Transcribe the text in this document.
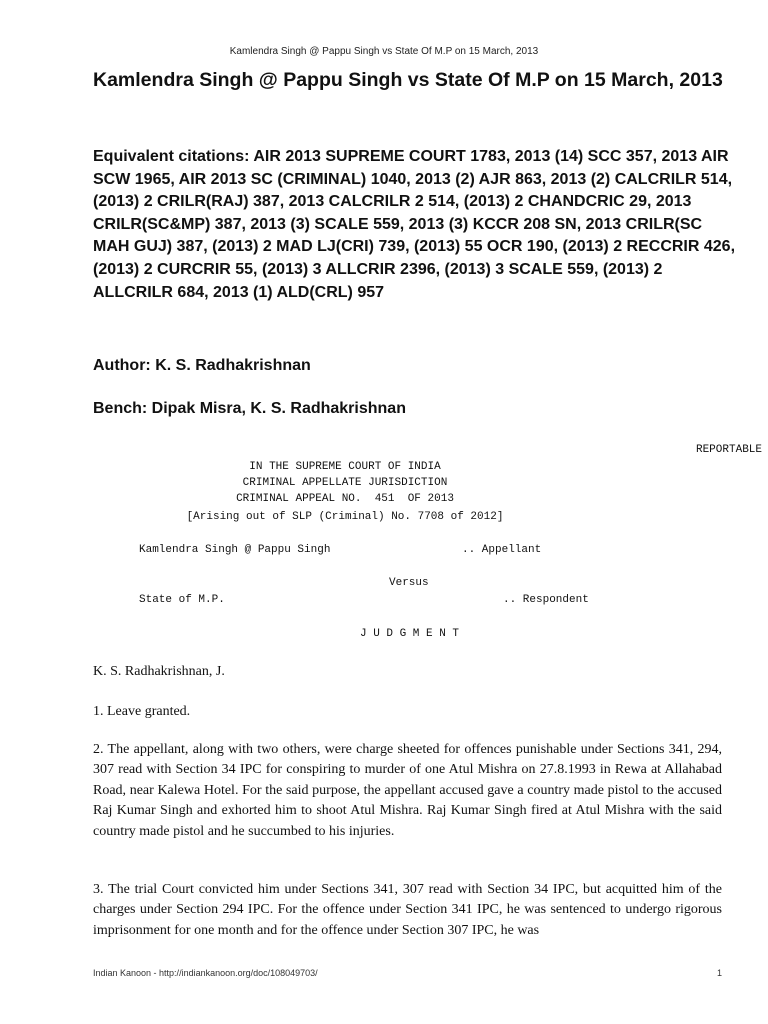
Kamlendra Singh @ Pappu Singh vs State Of M.P on 15 March, 2013
Kamlendra Singh @ Pappu Singh vs State Of M.P on 15 March, 2013

Equivalent citations: AIR 2013 SUPREME COURT 1783, 2013 (14) SCC 357, 2013 AIR SCW 1965, AIR 2013 SC (CRIMINAL) 1040, 2013 (2) AJR 863, 2013 (2) CALCRILR 514, (2013) 2 CRILR(RAJ) 387, 2013 CALCRILR 2 514, (2013) 2 CHANDCRIC 29, 2013 CRILR(SC&MP) 387, 2013 (3) SCALE 559, 2013 (3) KCCR 208 SN, 2013 CRILR(SC MAH GUJ) 387, (2013) 2 MAD LJ(CRI) 739, (2013) 55 OCR 190, (2013) 2 RECCRIR 426, (2013) 2 CURCRIR 55, (2013) 3 ALLCRIR 2396, (2013) 3 SCALE 559, (2013) 2 ALLCRILR 684, 2013 (1) ALD(CRL) 957

Author: K. S. Radhakrishnan

Bench: Dipak Misra, K. S. Radhakrishnan

REPORTABLE
IN THE SUPREME COURT OF INDIA
CRIMINAL APPELLATE JURISDICTION
CRIMINAL APPEAL NO.  451  OF 2013
[Arising out of SLP (Criminal) No. 7708 of 2012]
Kamlendra Singh @ Pappu Singh	.. Appellant
Versus
State of M.P.	.. Respondent
J U D G M E N T

K. S. Radhakrishnan, J.

1. Leave granted.

2. The appellant, along with two others, were charge sheeted for offences punishable under Sections 341, 294, 307 read with Section 34 IPC for conspiring to murder of one Atul Mishra on 27.8.1993 in Rewa at Allahabad Road, near Kalewa Hotel. For the said purpose, the appellant accused gave a country made pistol to the accused Raj Kumar Singh and exhorted him to shoot Atul Mishra. Raj Kumar Singh fired at Atul Mishra with the said country made pistol and he succumbed to his injuries.

3. The trial Court convicted him under Sections 341, 307 read with Section 34 IPC, but acquitted him of the charges under Section 294 IPC. For the offence under Section 341 IPC, he was sentenced to undergo rigorous imprisonment for one month and for the offence under Section 307 IPC, he was

Indian Kanoon - http://indiankanoon.org/doc/108049703/	1
